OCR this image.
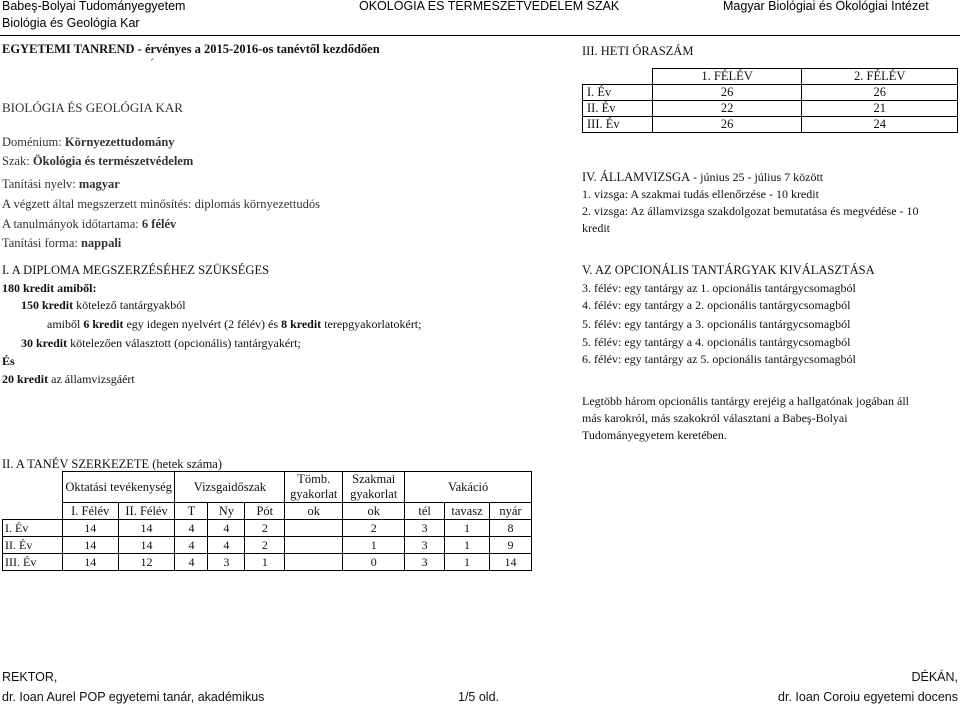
Babeş-Bolyai Tudományegyetem
Biológia és Geológia Kar
ÖKOLÓGIA ÉS TERMÉSZETVÉDELEM SZAK	Magyar Biológiai és Ökológiai Intézet
EGYETEMI TANREND - érvényes a 2015-2016-os tanévtől kezdődően
´
BIOLÓGIA ÉS GEOLÓGIA KAR
Doménium: Környezettudomány
Szak: Ökológia és természetvédelem
Tanítási nyelv: magyar
A végzett által megszerzett minősítés: diplomás környezettudós
A tanulmányok időtartama: 6 félév
Tanítási forma: nappali
I. A DIPLOMA MEGSZERZÉSÉHEZ SZÜKSÉGES
180 kredit amiből:
150 kredit kötelező tantárgyakból
amiből 6 kredit egy idegen nyelvért (2 félév) és 8 kredit terepgyakorlatokért;
30 kredit kötelezően választott (opcionális) tantárgyakért;
És
20 kredit az államvizsgáért
II. A TANÉV SZERKEZETE (hetek száma)
	Oktatási tevékenység		Vizsgaidőszak			Tömb. gyakorlat	Szakmai gyakorlat	Vakáció		
	I. Félév	II. Félév	T	Ny	Pót	ok	ok	tél	tavasz	nyár
I. Év	14	14	4	4	2		2	3	1	8
II. Év	14	14	4	4	2		1	3	1	9
III. Év	14	12	4	3	1		0	3	1	14
III. HETI ÓRASZÁM
	1. FÉLÉV	2. FÉLÉV
I. Év	26	26
II. Év	22	21
III. Év	26	24
IV. ÁLLAMVIZSGA - június 25 - július 7 között
1. vizsga: A szakmai tudás ellenőrzése - 10 kredit
2. vizsga: Az államvizsga szakdolgozat bemutatása és megvédése - 10
kredit
V. AZ OPCIONÁLIS TANTÁRGYAK KIVÁLASZTÁSA
3. félév: egy tantárgy az 1. opcionális tantárgycsomagból
4. félév: egy tantárgy a 2. opcionális tantárgycsomagból
5. félév: egy tantárgy a 3. opcionális tantárgycsomagból
5. félév: egy tantárgy a 4. opcionális tantárgycsomagból
6. félév: egy tantárgy az 5. opcionális tantárgycsomagból
Legtöbb három opcionális tantárgy erejéig a hallgatónak jogában áll
más karokról, más szakokról választani a Babeş-Bolyai
Tudományegyetem keretében.
REKTOR,
dr. Ioan Aurel POP egyetemi tanár, akadémikus	1/5 old.
DÉKÁN,
dr. Ioan Coroiu egyetemi docens
